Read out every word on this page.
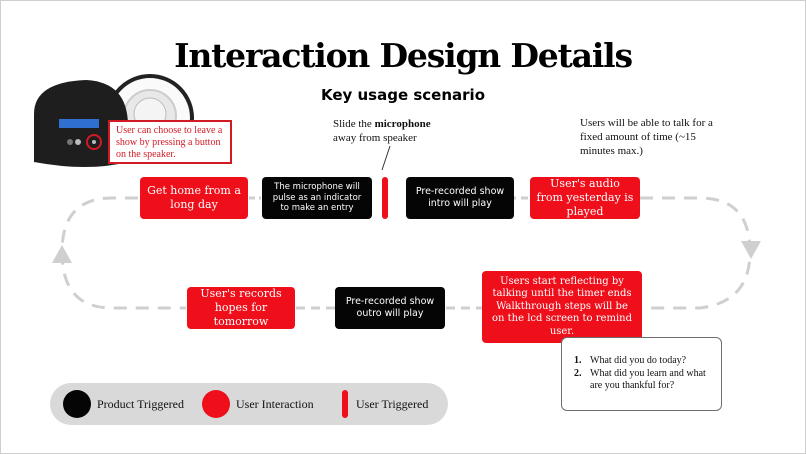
Interaction Design Details
Key usage scenario
User can choose to leave a show by pressing a button on the speaker.
Slide the microphone away from speaker
Users will be able to talk for a fixed amount of time (~15 minutes max.)
Get home from a long day
The microphone will pulse as an indicator to make an entry
Pre-recorded show intro will play
User's audio from yesterday is played
User's records hopes for tomorrow
Pre-recorded show outro will play
Users start reflecting by talking until the timer ends Walkthrough steps will be on the lcd screen to remind user.
1. What did you do today?
2. What did you learn and what are you thankful for?
Product Triggered	User Interaction	User Triggered
